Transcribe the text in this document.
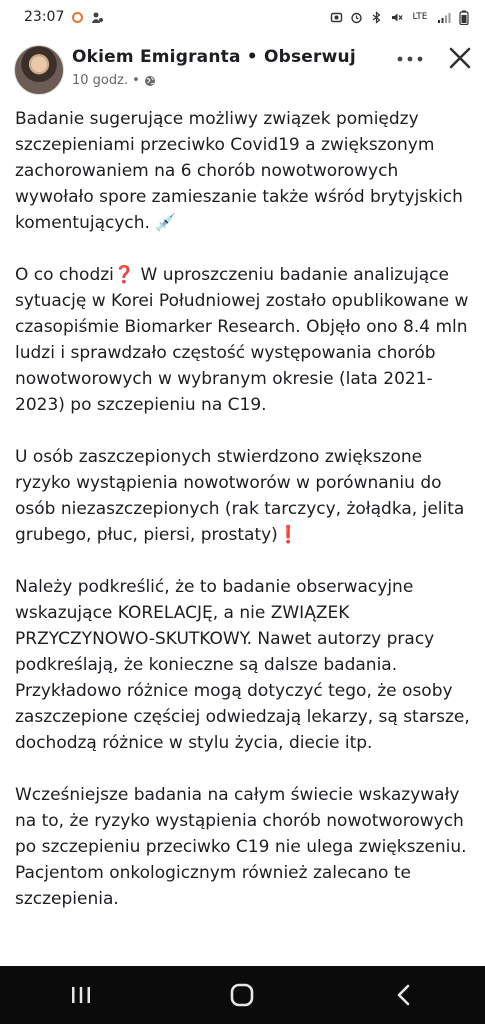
23:07	LTE
Okiem Emigranta • Obserwuj
10 godz. •

Badanie sugerujące możliwy związek pomiędzy szczepieniami przeciwko Covid19 a zwiększonym zachorowaniem na 6 chorób nowotworowych wywołało spore zamieszanie także wśród brytyjskich komentujących. 💉

O co chodzi❓ W uproszczeniu badanie analizujące sytuację w Korei Południowej zostało opublikowane w czasopiśmie Biomarker Research. Objęło ono 8.4 mln ludzi i sprawdzało częstość występowania chorób nowotworowych w wybranym okresie (lata 2021-2023) po szczepieniu na C19.

U osób zaszczepionych stwierdzono zwiększone ryzyko wystąpienia nowotworów w porównaniu do osób niezaszczepionych (rak tarczycy, żołądka, jelita grubego, płuc, piersi, prostaty)❗

Należy podkreślić, że to badanie obserwacyjne wskazujące KORELACJĘ, a nie ZWIĄZEK PRZYCZYNOWO-SKUTKOWY. Nawet autorzy pracy podkreślają, że konieczne są dalsze badania. Przykładowo różnice mogą dotyczyć tego, że osoby zaszczepione częściej odwiedzają lekarzy, są starsze, dochodzą różnice w stylu życia, diecie itp.

Wcześniejsze badania na całym świecie wskazywały na to, że ryzyko wystąpienia chorób nowotworowych po szczepieniu przeciwko C19 nie ulega zwiększeniu. Pacjentom onkologicznym również zalecano te szczepienia.
